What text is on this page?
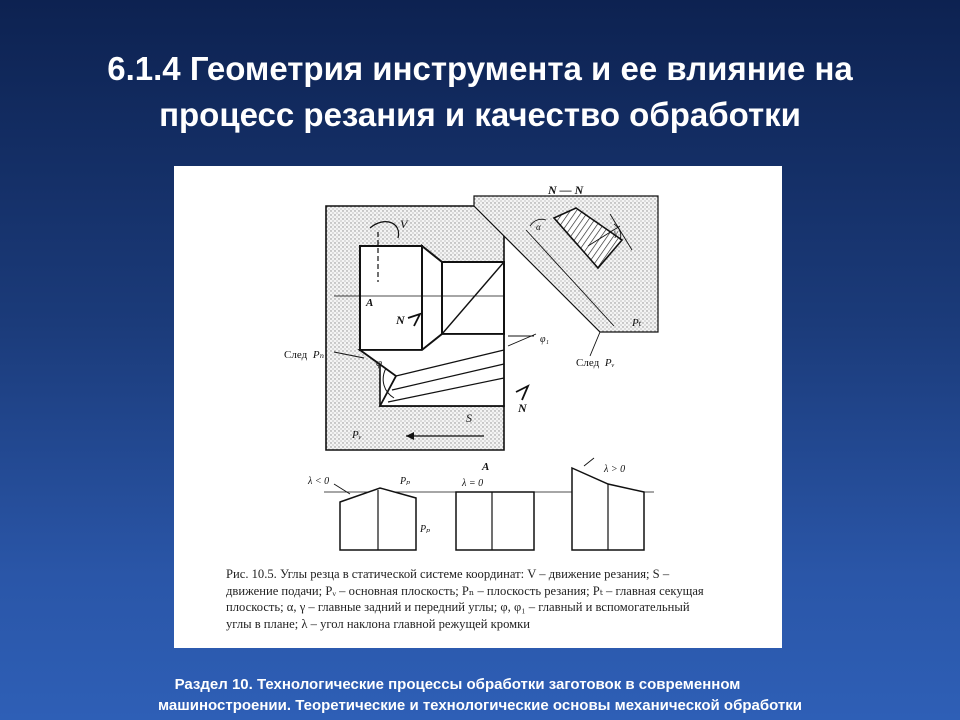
6.1.4 Геометрия инструмента и ее влияние на
процесс резания и качество обработки
N — N
V
A
N
N
S
След Pₙ
След Pᵥ
φ
φ₁
α
γ
Pᵥ
Pₜ
λ < 0	λ = 0
λ > 0
A
Pₚ
Pₚ
Рис. 10.5. Углы резца в статической системе координат: V – движение резания; S –
движение подачи; Pᵥ – основная плоскость; Pₙ – плоскость резания; Pₜ – главная секущая
плоскость; α, γ – главные задний и передний углы; φ, φ₁ – главный и вспомогательный
углы в плане; λ – угол наклона главной режущей кромки
Раздел 10. Технологические процессы обработки заготовок в современном
машиностроении. Теоретические и технологические основы механической обработки
